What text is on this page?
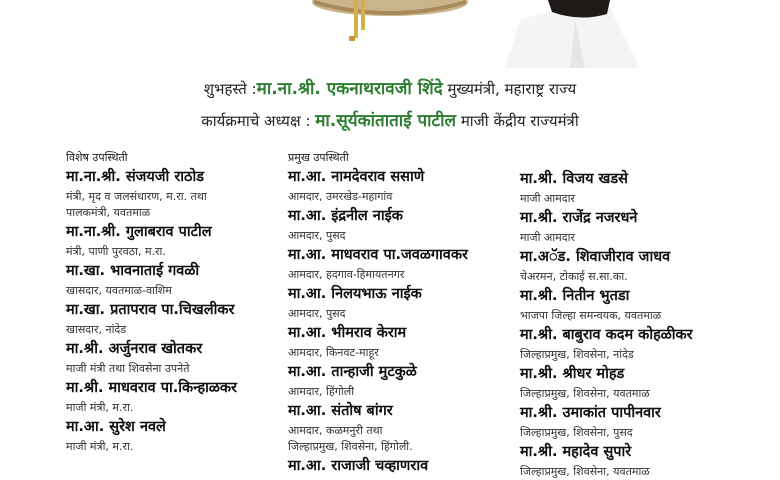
शुभहस्ते :मा.ना.श्री. एकनाथरावजी शिंदे मुख्यमंत्री, महाराष्ट्र राज्य
कार्यक्रमाचे अध्यक्ष : मा.सूर्यकांताताई पाटील माजी केंद्रीय राज्यमंत्री
विशेष उपस्थिती
मा.ना.श्री. संजयजी राठोड
मंत्री, मृद व जलसंधारण, म.रा. तथा
पालकमंत्री, यवतमाळ
मा.ना.श्री. गुलाबराव पाटील
मंत्री, पाणी पुरवठा, म.रा.
मा.खा. भावनाताई गवळी
खासदार, यवतमाळ-वाशिम
मा.खा. प्रतापराव पा.चिखलीकर
खासदार, नांदेड
मा.श्री. अर्जुनराव खोतकर
माजी मंत्री तथा शिवसेना उपनेते
मा.श्री. माधवराव पा.किन्हाळकर
माजी मंत्री, म.रा.
मा.आ. सुरेश नवले
माजी मंत्री, म.रा.
प्रमुख उपस्थिती
मा.आ. नामदेवराव ससाणे
आमदार, उमरखेड-महागांव
मा.आ. इंद्रनील नाईक
आमदार, पुसद
मा.आ. माधवराव पा.जवळगावकर
आमदार, हदगाव-हिमायतनगर
मा.आ. निलयभाऊ नाईक
आमदार, पुसद
मा.आ. भीमराव केराम
आमदार, किनवट-माहूर
मा.आ. तान्हाजी मुटकुळे
आमदार, हिंगोली
मा.आ. संतोष बांगर
आमदार, कळमनुरी तथा
जिल्हाप्रमुख, शिवसेना, हिंगोली.
मा.आ. राजाजी चव्हाणराव
मा.श्री. विजय खडसे
माजी आमदार
मा.श्री. राजेंद्र नजरधने
माजी आमदार
मा.अॅड. शिवाजीराव जाधव
चेअरमन, टोकाई स.सा.का.
मा.श्री. नितीन भुतडा
भाजपा जिल्हा समन्वयक, यवतमाळ
मा.श्री. बाबुराव कदम कोहळीकर
जिल्हाप्रमुख, शिवसेना, नांदेड
मा.श्री. श्रीधर मोहड
जिल्हाप्रमुख, शिवसेना, यवतमाळ
मा.श्री. उमाकांत पापीनवार
जिल्हाप्रमुख, शिवसेना, पुसद
मा.श्री. महादेव सुपारे
जिल्हाप्रमुख, शिवसेना, यवतमाळ
